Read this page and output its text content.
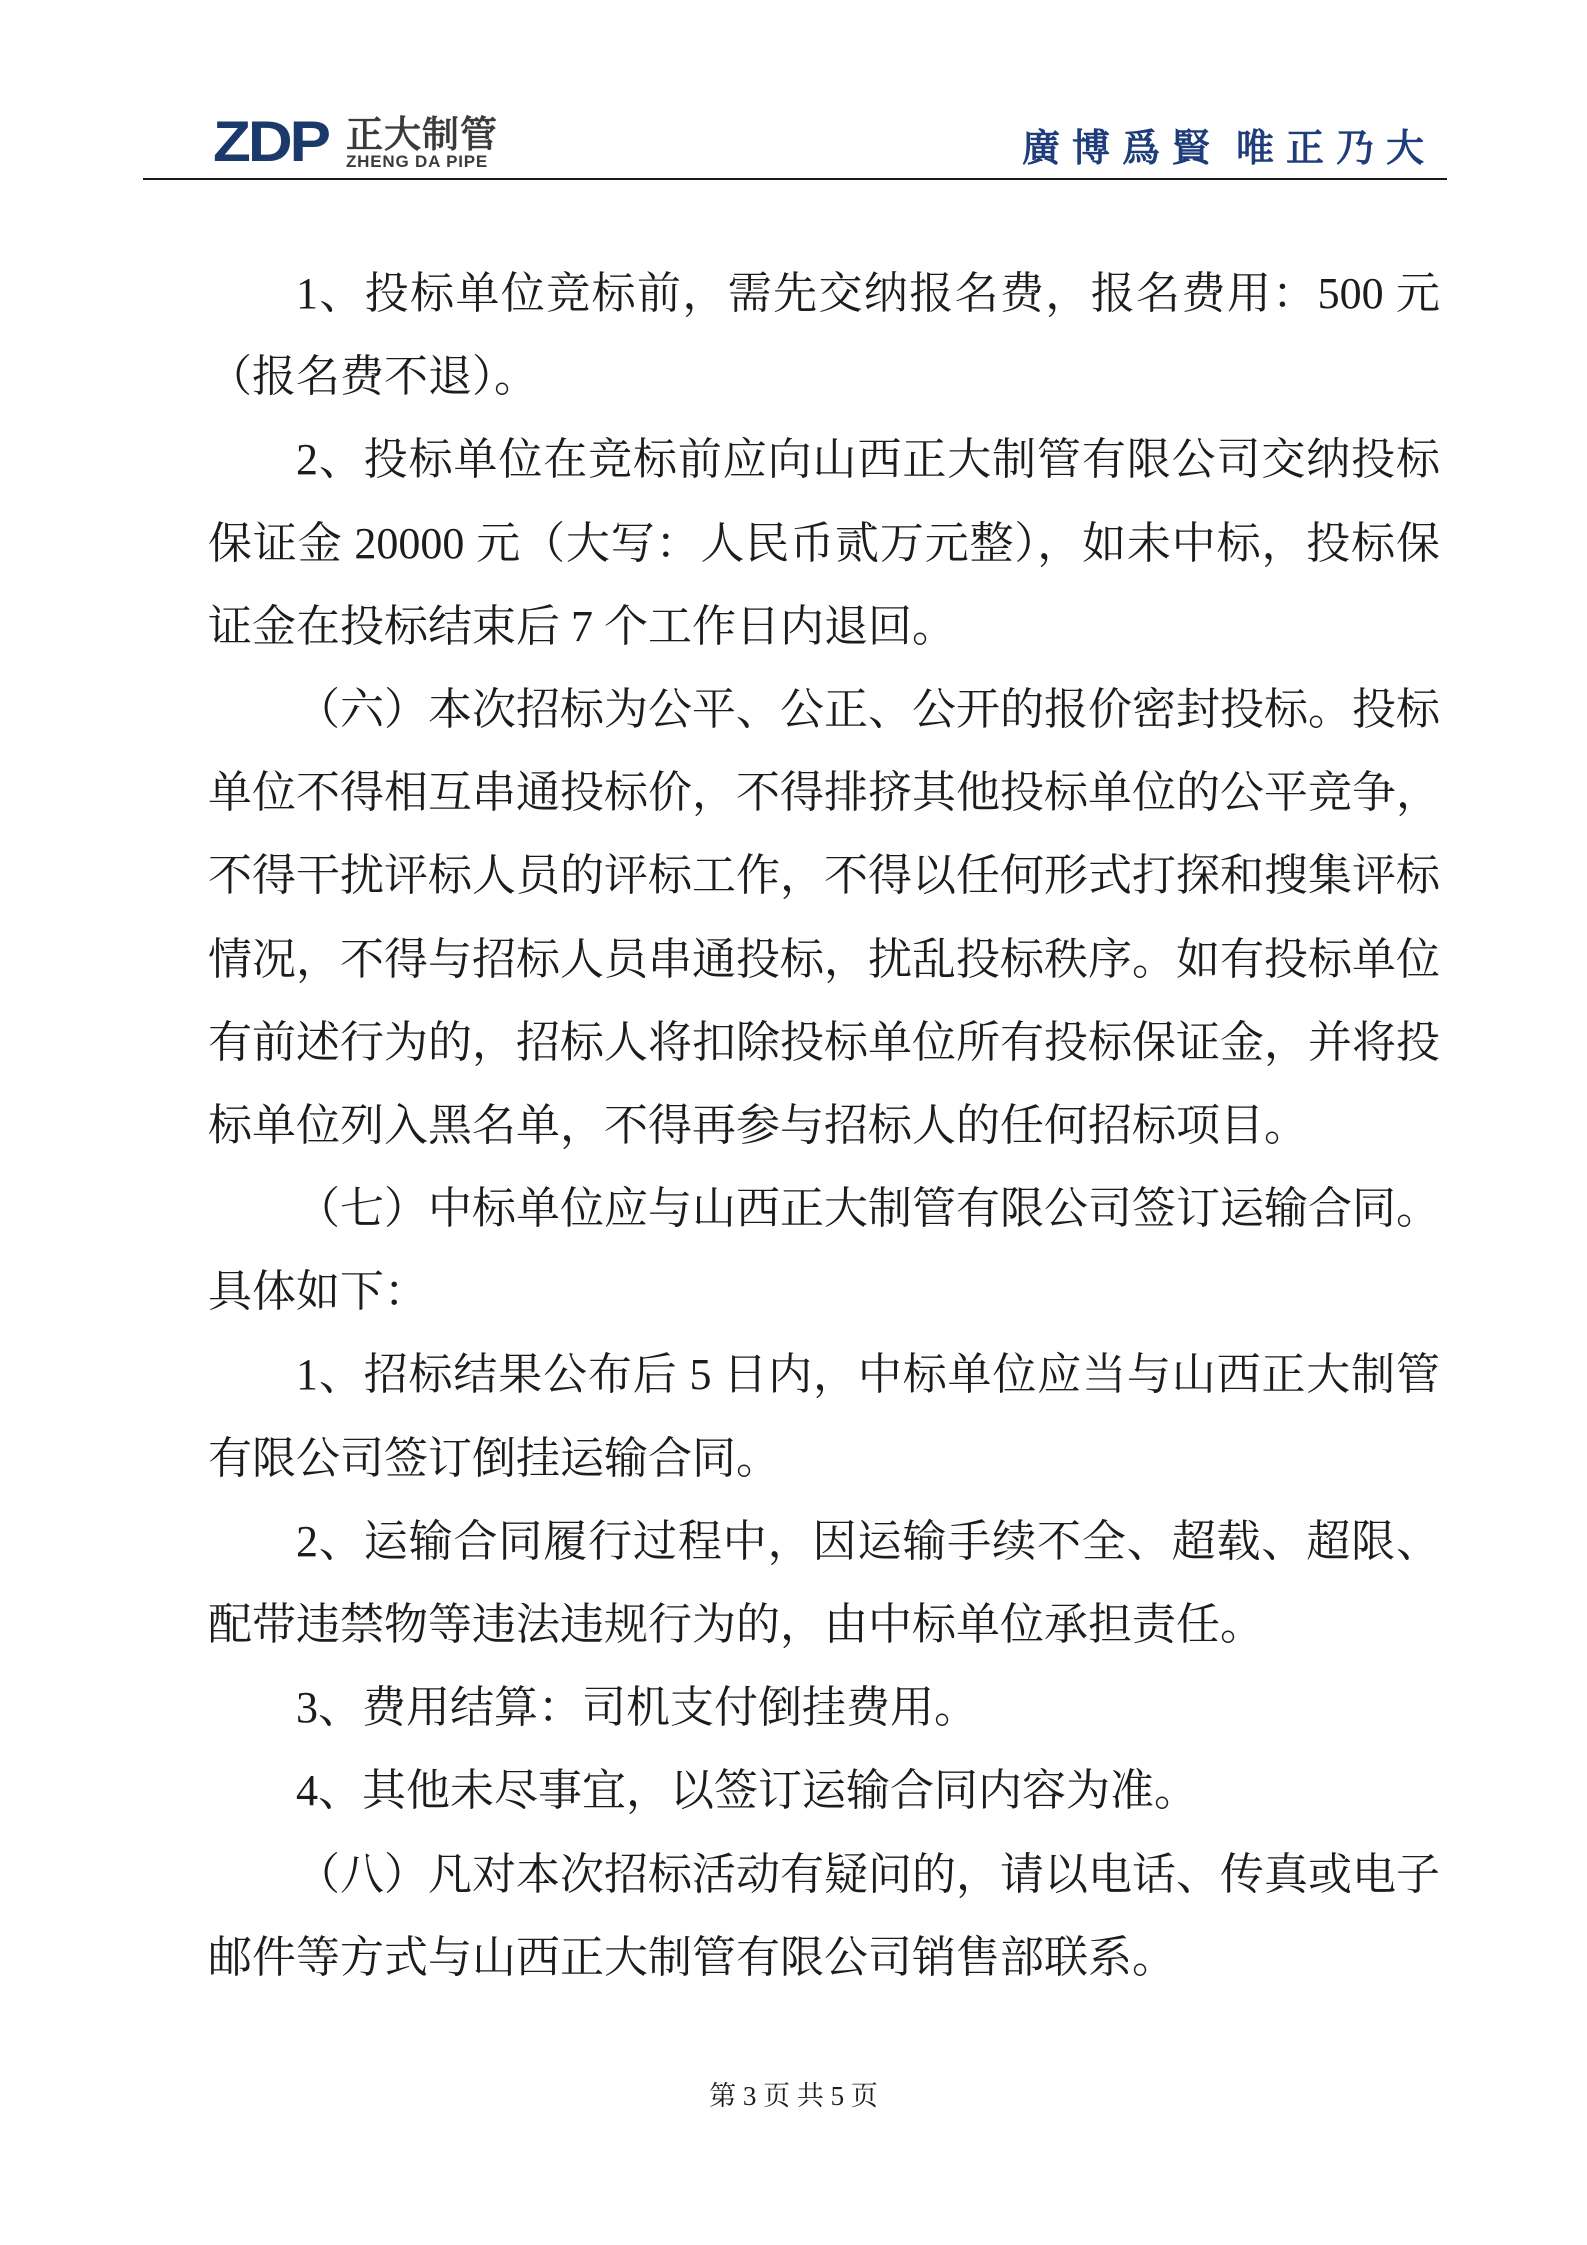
ZDP 正大制管
ZHENG DA PIPE	廣博爲賢 唯正乃大
1、投标单位竞标前，需先交纳报名费，报名费用：500 元
（报名费不退）。
2、投标单位在竞标前应向山西正大制管有限公司交纳投标
保证金 20000 元（大写：人民币贰万元整），如未中标，投标保
证金在投标结束后 7 个工作日内退回。
（六）本次招标为公平、公正、公开的报价密封投标。投标
单位不得相互串通投标价，不得排挤其他投标单位的公平竞争，
不得干扰评标人员的评标工作，不得以任何形式打探和搜集评标
情况，不得与招标人员串通投标，扰乱投标秩序。如有投标单位
有前述行为的，招标人将扣除投标单位所有投标保证金，并将投
标单位列入黑名单，不得再参与招标人的任何招标项目。
（七）中标单位应与山西正大制管有限公司签订运输合同。
具体如下：
1、招标结果公布后 5 日内，中标单位应当与山西正大制管
有限公司签订倒挂运输合同。
2、运输合同履行过程中，因运输手续不全、超载、超限、
配带违禁物等违法违规行为的，由中标单位承担责任。
3、费用结算：司机支付倒挂费用。
4、其他未尽事宜，以签订运输合同内容为准。
（八）凡对本次招标活动有疑问的，请以电话、传真或电子
邮件等方式与山西正大制管有限公司销售部联系。
第 3 页 共 5 页
